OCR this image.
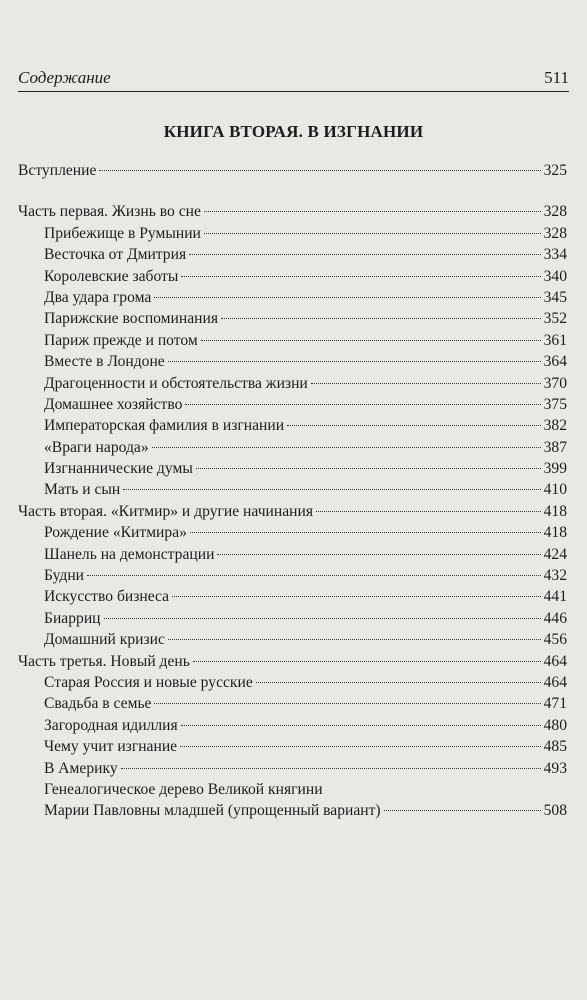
Содержание	511
КНИГА ВТОРАЯ. В ИЗГНАНИИ
Вступление	325
Часть первая. Жизнь во сне	328
Прибежище в Румынии	328
Весточка от Дмитрия	334
Королевские заботы	340
Два удара грома	345
Парижские воспоминания	352
Париж прежде и потом	361
Вместе в Лондоне	364
Драгоценности и обстоятельства жизни	370
Домашнее хозяйство	375
Императорская фамилия в изгнании	382
«Враги народа»	387
Изгнаннические думы	399
Мать и сын	410
Часть вторая. «Китмир» и другие начинания	418
Рождение «Китмира»	418
Шанель на демонстрации	424
Будни	432
Искусство бизнеса	441
Биарриц	446
Домашний кризис	456
Часть третья. Новый день	464
Старая Россия и новые русские	464
Свадьба в семье	471
Загородная идиллия	480
Чему учит изгнание	485
В Америку	493
Генеалогическое дерево Великой княгини
Марии Павловны младшей (упрощенный вариант)	508
